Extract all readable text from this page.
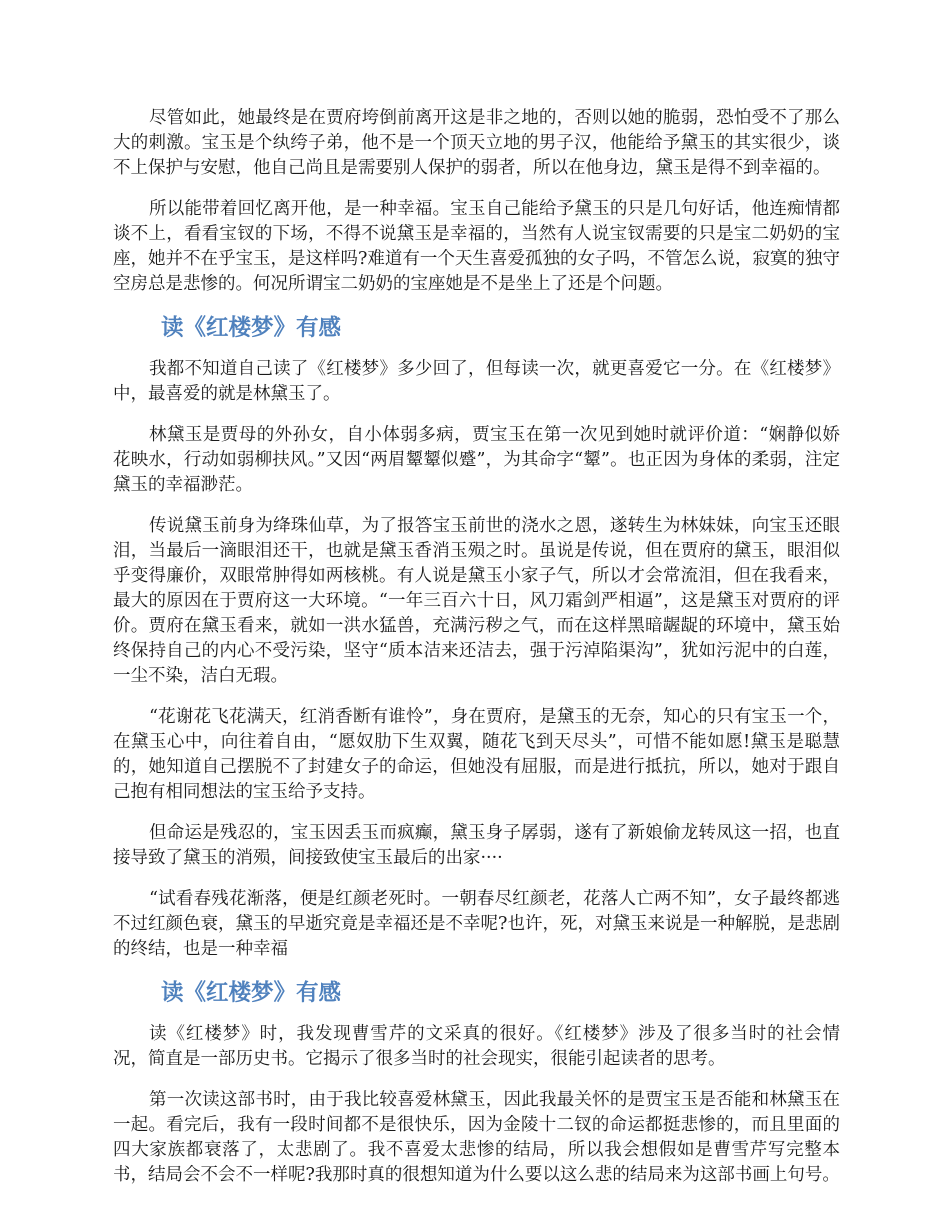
尽管如此，她最终是在贾府垮倒前离开这是非之地的，否则以她的脆弱，恐怕受不了那么大的刺激。宝玉是个纨绔子弟，他不是一个顶天立地的男子汉，他能给予黛玉的其实很少，谈不上保护与安慰，他自己尚且是需要别人保护的弱者，所以在他身边，黛玉是得不到幸福的。

所以能带着回忆离开他，是一种幸福。宝玉自己能给予黛玉的只是几句好话，他连痴情都谈不上，看看宝钗的下场，不得不说黛玉是幸福的，当然有人说宝钗需要的只是宝二奶奶的宝座，她并不在乎宝玉，是这样吗?难道有一个天生喜爱孤独的女子吗，不管怎么说，寂寞的独守空房总是悲惨的。何况所谓宝二奶奶的宝座她是不是坐上了还是个问题。

读《红楼梦》有感

我都不知道自己读了《红楼梦》多少回了，但每读一次，就更喜爱它一分。在《红楼梦》中，最喜爱的就是林黛玉了。

林黛玉是贾母的外孙女，自小体弱多病，贾宝玉在第一次见到她时就评价道：“娴静似娇花映水，行动如弱柳扶风。”又因“两眉颦颦似蹙”，为其命字“颦”。也正因为身体的柔弱，注定黛玉的幸福渺茫。

传说黛玉前身为绛珠仙草，为了报答宝玉前世的浇水之恩，遂转生为林妹妹，向宝玉还眼泪，当最后一滴眼泪还干，也就是黛玉香消玉殒之时。虽说是传说，但在贾府的黛玉，眼泪似乎变得廉价，双眼常肿得如两核桃。有人说是黛玉小家子气，所以才会常流泪，但在我看来，最大的原因在于贾府这一大环境。“一年三百六十日，风刀霜剑严相逼”，这是黛玉对贾府的评价。贾府在黛玉看来，就如一洪水猛兽，充满污秽之气，而在这样黑暗龌龊的环境中，黛玉始终保持自己的内心不受污染，坚守“质本洁来还洁去，强于污淖陷渠沟”，犹如污泥中的白莲，一尘不染，洁白无瑕。

“花谢花飞花满天，红消香断有谁怜”，身在贾府，是黛玉的无奈，知心的只有宝玉一个，在黛玉心中，向往着自由，“愿奴肋下生双翼，随花飞到天尽头”，可惜不能如愿!黛玉是聪慧的，她知道自己摆脱不了封建女子的命运，但她没有屈服，而是进行抵抗，所以，她对于跟自己抱有相同想法的宝玉给予支持。

但命运是残忍的，宝玉因丢玉而疯癫，黛玉身子孱弱，遂有了新娘偷龙转凤这一招，也直接导致了黛玉的消殒，间接致使宝玉最后的出家····

“试看春残花渐落，便是红颜老死时。一朝春尽红颜老，花落人亡两不知”，女子最终都逃不过红颜色衰，黛玉的早逝究竟是幸福还是不幸呢?也许，死，对黛玉来说是一种解脱，是悲剧的终结，也是一种幸福

读《红楼梦》有感

读《红楼梦》时，我发现曹雪芹的文采真的很好。《红楼梦》涉及了很多当时的社会情况，简直是一部历史书。它揭示了很多当时的社会现实，很能引起读者的思考。

第一次读这部书时，由于我比较喜爱林黛玉，因此我最关怀的是贾宝玉是否能和林黛玉在一起。看完后，我有一段时间都不是很快乐，因为金陵十二钗的命运都挺悲惨的，而且里面的四大家族都衰落了，太悲剧了。我不喜爱太悲惨的结局，所以我会想假如是曹雪芹写完整本书，结局会不会不一样呢?我那时真的很想知道为什么要以这么悲的结局来为这部书画上句号。
